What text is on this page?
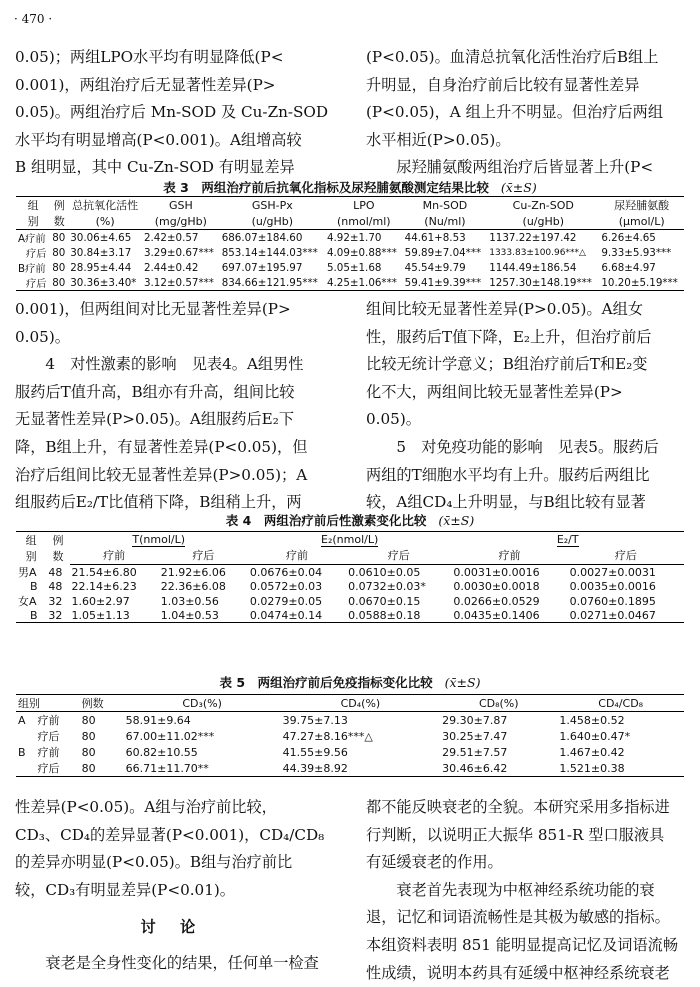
· 470 ·

0.05)；两组LPO水平均有明显降低(P<

0.001)，两组治疗后无显著性差异(P>

0.05)。两组治疗后 Mn-SOD 及 Cu-Zn-SOD

水平均有明显增高(P<0.001)。A组增高较

B 组明显，其中 Cu-Zn-SOD 有明显差异

(P<0.05)。血清总抗氧化活性治疗后B组上

升明显，自身治疗前后比较有显著性差异

(P<0.05)，A 组上升不明显。但治疗后两组

水平相近(P>0.05)。

尿羟脯氨酸两组治疗后皆显著上升(P<

表 3　两组治疗前后抗氧化指标及尿羟脯氨酸测定结果比较 (x̄±S)
组	例	总抗氧化活性	GSH	GSH-Px	LPO	Mn-SOD	Cu-Zn-SOD	尿羟脯氨酸
别	数	(%)	(mg/gHb)	(u/gHb)	(nmol/ml)	(Nu/ml)	(u/gHb)	(μmol/L)
A疗前	80	30.06±4.65	2.42±0.57	686.07±184.60	4.92±1.70	44.61+8.53	1137.22±197.42	6.26±4.65
疗后	80	30.84±3.17	3.29±0.67***	853.14±144.03***	4.09±0.88***	59.89±7.04***	1333.83±100.96***△	9.33±5.93***
B疗前	80	28.95±4.44	2.44±0.42	697.07±195.97	5.05±1.68	45.54±9.79	1144.49±186.54	6.68±4.97
疗后	80	30.36±3.40*	3.12±0.57***	834.66±121.95***	4.25±1.06***	59.41±9.39***	1257.30±148.19***	10.20±5.19***

0.001)，但两组间对比无显著性差异(P>

0.05)。

4　对性激素的影响　见表4。A组男性

服药后T值升高，B组亦有升高，组间比较

无显著性差异(P>0.05)。A组服药后E₂下

降，B组上升，有显著性差异(P<0.05)，但

治疗后组间比较无显著性差异(P>0.05)；A

组服药后E₂/T比值稍下降，B组稍上升，两

组间比较无显著性差异(P>0.05)。A组女

性，服药后T值下降，E₂上升，但治疗前后

比较无统计学意义；B组治疗前后T和E₂变

化不大，两组间比较无显著性差异(P>

0.05)。

5　对免疫功能的影响　见表5。服药后

两组的T细胞水平均有上升。服药后两组比

较，A组CD₄上升明显，与B组比较有显著

表 4　两组治疗前后性激素变化比较 (x̄±S)
组
别	例
数	T(nmol/L)		E₂(nmol/L)		E₂/T	
		疗前	疗后	疗前	疗后	疗前	疗后
男A	48	21.54±6.80	21.92±6.06	0.0676±0.04	0.0610±0.05	0.0031±0.0016	0.0027±0.0031
B	48	22.14±6.23	22.36±6.08	0.0572±0.03	0.0732±0.03*	0.0030±0.0018	0.0035±0.0016
女A	32	1.60±2.97	1.03±0.56	0.0279±0.05	0.0670±0.15	0.0266±0.0529	0.0760±0.1895
B	32	1.05±1.13	1.04±0.53	0.0474±0.14	0.0588±0.18	0.0435±0.1406	0.0271±0.0467
表 5　两组治疗前后免疫指标变化比较 (x̄±S)
组别		例数	CD₃(%)	CD₄(%)	CD₈(%)	CD₄/CD₈
A	疗前	80	58.91±9.64	39.75±7.13	29.30±7.87	1.458±0.52
	疗后	80	67.00±11.02***	47.27±8.16***△	30.25±7.47	1.640±0.47*
B	疗前	80	60.82±10.55	41.55±9.56	29.51±7.57	1.467±0.42
	疗后	80	66.71±11.70**	44.39±8.92	30.46±6.42	1.521±0.38

性差异(P<0.05)。A组与治疗前比较，

CD₃、CD₄的差异显著(P<0.001)，CD₄/CD₈

的差异亦明显(P<0.05)。B组与治疗前比

较，CD₃有明显差异(P<0.01)。

讨论

衰老是全身性变化的结果，任何单一检查

都不能反映衰老的全貌。本研究采用多指标进

行判断，以说明正大振华 851-R 型口服液具

有延缓衰老的作用。

衰老首先表现为中枢神经系统功能的衰

退，记忆和词语流畅性是其极为敏感的指标。

本组资料表明 851 能明显提高记忆及词语流畅

性成绩，说明本药具有延缓中枢神经系统衰老
